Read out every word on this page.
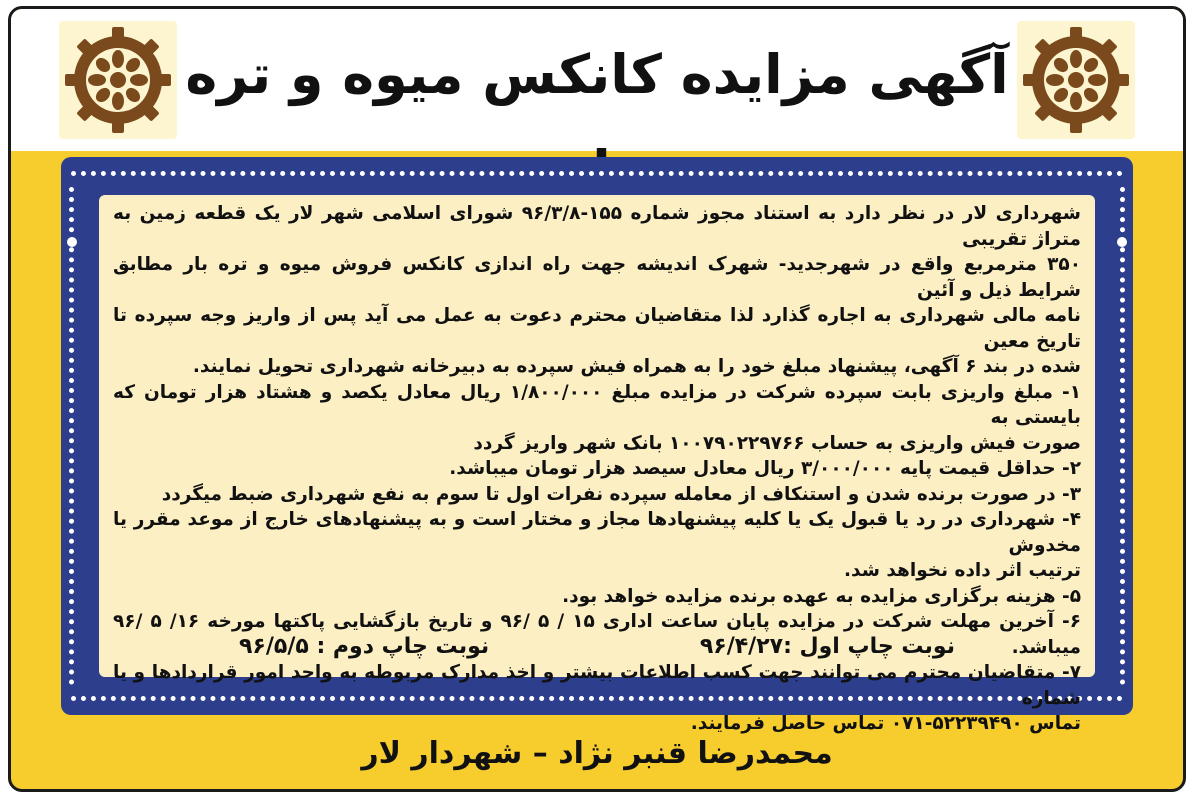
آگهی مزایده کانکس میوه و تره

شهرداری لار در نظر دارد به استناد مجوز شماره ۱۵۵-۹۶/۳/۸ شورای اسلامی شهر لار یک قطعه زمین به متراژ تقریبی

۳۵۰ مترمربع واقع در شهرجدید- شهرک اندیشه جهت راه اندازی کانکس فروش میوه و تره بار مطابق شرایط ذیل و آئین

نامه مالی شهرداری به اجاره گذارد لذا متقاضیان محترم دعوت به عمل می آید پس از واریز وجه سپرده تا تاریخ معین

شده در بند ۶ آگهی، پیشنهاد مبلغ خود را به همراه فیش سپرده به دبیرخانه شهرداری تحویل نمایند.

۱- مبلغ واریزی بابت سپرده شرکت در مزایده مبلغ ۱/۸۰۰/۰۰۰ ریال معادل یکصد و هشتاد هزار تومان که بایستی به

صورت فیش واریزی به حساب ۱۰۰۷۹۰۲۲۹۷۶۶ بانک شهر واریز گردد

۲- حداقل قیمت پایه ۳/۰۰۰/۰۰۰ ریال معادل سیصد هزار تومان میباشد.

۳- در صورت برنده شدن و استنکاف از معامله سپرده نفرات اول تا سوم به نفع شهرداری ضبط میگردد

۴- شهرداری در رد یا قبول یک یا کلیه پیشنهادها مجاز و مختار است و به پیشنهادهای خارج از موعد مقرر یا مخدوش

ترتیب اثر داده نخواهد شد.

۵- هزینه برگزاری مزایده به عهده برنده مزایده خواهد بود.

۶- آخرین مهلت شرکت در مزایده پایان ساعت اداری ۱۵ / ۵ /۹۶ و تاریخ بازگشایی پاکتها مورخه ۱۶/ ۵ /۹۶ میباشد.

۷- متقاضیان محترم می توانند جهت کسب اطلاعات بیشتر و اخذ مدارک مربوطه به واحد امور قراردادها و یا شماره

تماس ۵۲۲۳۹۴۹۰-۰۷۱ تماس حاصل فرمایند.

نوبت چاپ اول :۹۶/۴/۲۷
نوبت چاپ دوم : ۹۶/۵/۵
محمدرضا قنبر نژاد – شهردار لار
